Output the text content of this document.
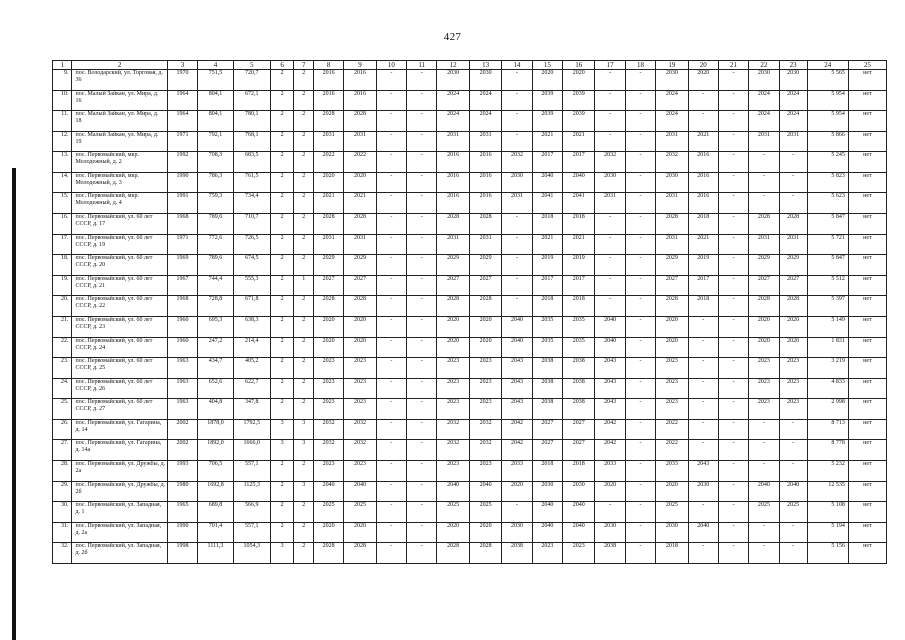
427
1	2	3	4	5	6	7	8	9	10	11	12	13	14	15	16	17	18	19	20	21	22	23	24	25
9.	пос. Володарский, ул. Торговая, д. 36	1970	751,5	720,7	2	2	2016	2016	-	-	2030	2030	-	2020	2020	-	-	2030	2020	-	2030	2030	5 565	нет
10.	пос. Малый Зайкан, ул. Мира, д. 16	1964	804,1	672,1	2	2	2016	2016	-	-	2024	2024	-	2039	2039	-	-	2024	-	-	2024	2024	5 954	нет
11.	пос. Малый Зайкан, ул. Мира, д. 18	1964	804,1	780,1	2	2	2028	2028	-	-	2024	2024	-	2039	2039	-	-	2024	-	-	2024	2024	5 954	нет
12.	пос. Малый Зайкан, ул. Мира, д. 19	1971	792,1	768,1	2	2	2031	2031	-	-	2031	2031	-	2021	2021	-	-	2031	2021	-	2031	2031	5 866	нет
13.	пос. Первомайский, мкр. Молодежный, д. 2	1992	708,3	683,5	2	2	2022	2022	-	-	2016	2016	2032	2017	2017	2032	-	2032	2016	-	-	-	5 245	нет
14.	пос. Первомайский, мкр. Молодежный, д. 3	1990	786,3	761,5	2	2	2020	2020	-	-	2016	2016	2030	2040	2040	2030	-	2030	2016	-	-	-	5 823	нет
15.	пос. Первомайский, мкр. Молодежный, д. 4	1991	759,3	734,4	2	2	2021	2021	-	-	2016	2016	2031	2041	2041	2031	-	2031	2016	-	-	-	5 623	нет
16.	пос. Первомайский, ул. 60 лет СССР, д. 17	1968	789,6	710,7	2	2	2028	2028	-	-	2028	2028	-	2018	2018	-	-	2028	2018	-	2028	2028	5 847	нет
17.	пос. Первомайский, ул. 60 лет СССР, д. 19	1971	772,6	726,5	2	2	2031	2031	-	-	2031	2031	-	2021	2021	-	-	2031	2021	-	2031	2031	5 721	нет
18.	пос. Первомайский, ул. 60 лет СССР, д. 20	1969	789,6	674,5	2	2	2029	2029	-	-	2029	2029	-	2019	2019	-	-	2029	2019	-	2029	2029	5 847	нет
19.	пос. Первомайский, ул. 60 лет СССР, д. 21	1967	744,4	555,3	2	1	2027	2027	-	-	2027	2027	-	2017	2017	-	-	2027	2017	-	2027	2027	5 512	нет
20.	пос. Первомайский, ул. 60 лет СССР, д. 22	1968	728,8	671,8	2	2	2028	2028	-	-	2028	2028	-	2018	2018	-	-	2028	2018	-	2028	2028	5 397	нет
21.	пос. Первомайский, ул. 60 лет СССР, д. 23	1960	695,3	638,3	2	2	2020	2020	-	-	2020	2020	2040	2035	2035	2040	-	2020	-	-	2020	2020	5 149	нет
22.	пос. Первомайский, ул. 60 лет СССР, д. 24	1960	247,2	214,4	2	2	2020	2020	-	-	2020	2020	2040	2035	2035	2040	-	2020	-	-	2020	2020	1 831	нет
23.	пос. Первомайский, ул. 60 лет СССР, д. 25	1963	434,7	405,2	2	2	2023	2023	-	-	2023	2023	2043	2038	2038	2043	-	2023	-	-	2023	2023	3 219	нет
24.	пос. Первомайский, ул. 60 лет СССР, д. 26	1963	652,6	622,7	2	2	2023	2023	-	-	2023	2023	2043	2038	2038	2043	-	2023	-	-	2023	2023	4 833	нет
25.	пос. Первомайский, ул. 60 лет СССР, д. 27	1963	404,8	347,8	2	2	2023	2023	-	-	2023	2023	2043	2038	2038	2043	-	2023	-	-	2023	2023	2 998	нет
26.	пос. Первомайский, ул. Гагарина, д. 14	2002	1878,0	1792,5	3	3	2032	2032	-	-	2032	2032	2042	2027	2027	2042	-	2022	-	-	-	-	8 713	нет
27.	пос. Первомайский, ул. Гагарина, д. 14а	2002	1892,0	1666,0	3	3	2032	2032	-	-	2032	2032	2042	2027	2027	2042	-	2022	-	-	-	-	8 778	нет
28.	пос. Первомайский, ул. Дружбы, д. 2а	1993	706,5	557,1	2	2	2023	2023	-	-	2023	2023	2033	2018	2018	2033	-	2033	2043	-	-	-	5 232	нет
29.	пос. Первомайский, ул. Дружбы, д. 2б	1980	1692,8	1125,3	2	3	2040	2040	-	-	2040	2040	2020	2030	2030	2020	-	2020	2030	-	2040	2040	12 535	нет
30.	пос. Первомайский, ул. Западная, д. 1	1965	689,8	566,9	2	2	2025	2025	-	-	2025	2025	-	2040	2040	-	-	2025	-	-	2025	2025	5 108	нет
31.	пос. Первомайский, ул. Западная, д. 2а	1990	701,4	557,1	2	2	2020	2020	-	-	2020	2020	2030	2040	2040	2030	-	2030	2040	-	-	-	5 194	нет
32.	пос. Первомайский, ул. Западная, д. 2б	1998	1111,3	1054,3	3	2	2028	2028	-	-	2028	2028	2038	2023	2023	2038	-	2018	-	-	-	-	5 156	нет
